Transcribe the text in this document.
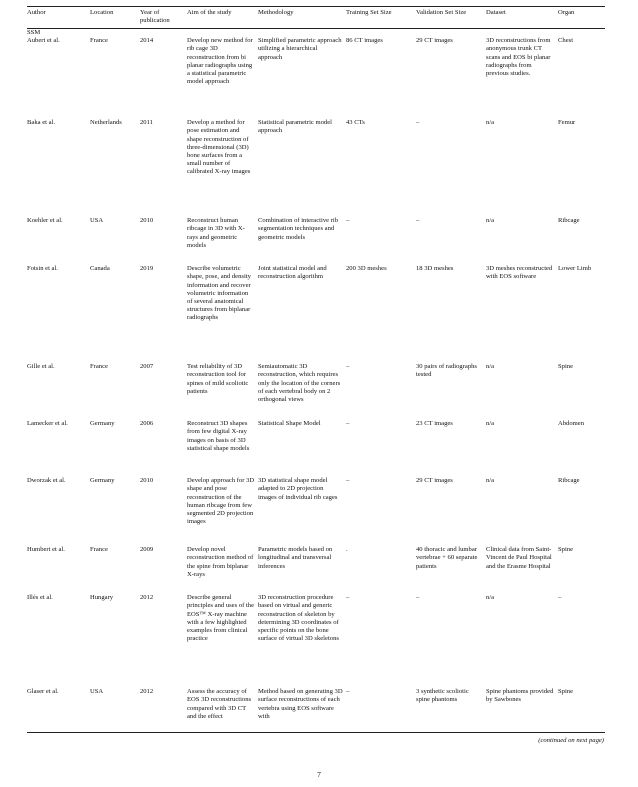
Author	Location	Year of publication	Aim of the study	Methodology	Training Set Size	Validation Set Size	Dataset	Organ
SSM								
Aubert et al.	France	2014	Develop new method for rib cage 3D reconstruction from bi planar radiographs using a statistical parametric model approach	Simplified parametric approach utilizing a hierarchical approach	86 CT images	29 CT images	3D reconstructions from anonymous trunk CT scans and EOS bi planar radiographs from previous studies.	Chest
Baka et al.	Netherlands	2011	Develop a method for pose estimation and shape reconstruction of three-dimensional (3D) bone surfaces from a small number of calibrated X-ray images	Statistical parametric model approach	43 CTs	–	n/a	Femur
Koehler et al.	USA	2010	Reconstruct human ribcage in 3D with X-rays and geometric models	Combination of interactive rib segmentation techniques and geometric models	–	–	n/a	Ribcage
Fotsin et al.	Canada	2019	Describe volumetric shape, pose, and density information and recover volumetric information of several anatomical structures from biplanar radiographs	Joint statistical model and reconstruction algorithm	200 3D meshes	18 3D meshes	3D meshes reconstructed with EOS software	Lower Limb
Gille et al.	France	2007	Test reliability of 3D reconstruction tool for spines of mild scoliotic patients	Semiautomatic 3D reconstruction, which requires only the location of the corners of each vertebral body on 2 orthogonal views	–	30 pairs of radiographs tested	n/a	Spine
Lamecker et al.	Germany	2006	Reconstruct 3D shapes from few digital X-ray images on basis of 3D statistical shape models	Statistical Shape Model	–	23 CT images	n/a	Abdomen
Dworzak et al.	Germany	2010	Develop approach for 3D shape and pose reconstruction of the human ribcage from few segmented 2D projection images	3D statistical shape model adapted to 2D projection images of individual rib cages	–	29 CT images	n/a	Ribcage
Humbert et al.	France	2009	Develop novel reconstruction method of the spine from biplanar X-rays	Parametric models based on longitudinal and transversal inferences	.	40 thoracic and lumbar vertebrae + 60 separate patients	Clinical data from Saint-Vincent de Paul Hospital and the Erasme Hospital	Spine
Illés et al.	Hungary	2012	Describe general principles and uses of the EOS™ X-ray machine with a few highlighted examples from clinical practice	3D reconstruction procedure based on virtual and generic reconstruction of skeleton by determining 3D coordinates of specific points on the bone surface of virtual 3D skeletons	–	–	n/a	–
Glaser et al.	USA	2012	Assess the accuracy of EOS 3D reconstructions compared with 3D CT and the effect	Method based on generating 3D surface reconstructions of each vertebra using EOS software with	–	3 synthetic scoliotic spine phantoms	Spine phantoms provided by Sawbones	Spine
(continued on next page)
7
